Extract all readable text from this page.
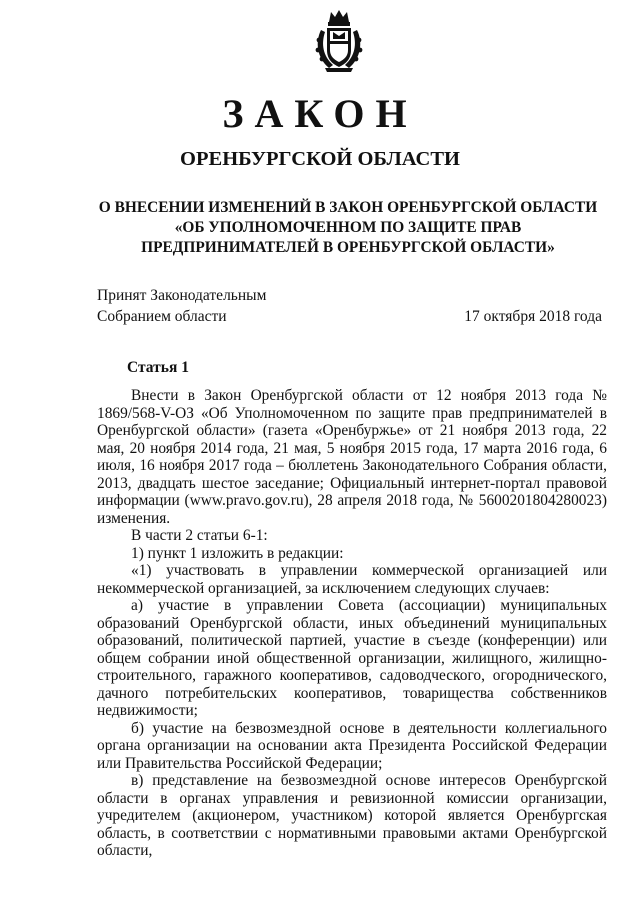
ЗАКОН
ОРЕНБУРГСКОЙ ОБЛАСТИ
О ВНЕСЕНИИ ИЗМЕНЕНИЙ В ЗАКОН ОРЕНБУРГСКОЙ ОБЛАСТИ
«ОБ УПОЛНОМОЧЕННОМ ПО ЗАЩИТЕ ПРАВ
ПРЕДПРИНИМАТЕЛЕЙ В ОРЕНБУРГСКОЙ ОБЛАСТИ»
Принят Законодательным
Собранием области	17 октября 2018 года
Статья 1

Внести в Закон Оренбургской области от 12 ноября 2013 года № 1869/568-V-ОЗ «Об Уполномоченном по защите прав предпринимателей в Оренбургской области» (газета «Оренбуржье» от 21 ноября 2013 года, 22 мая, 20 ноября 2014 года, 21 мая, 5 ноября 2015 года, 17 марта 2016 года, 6 июля, 16 ноября 2017 года – бюллетень Законодательного Собрания области, 2013, двадцать шестое заседание; Официальный интернет-портал правовой информации (www.pravo.gov.ru), 28 апреля 2018 года, № 5600201804280023) изменения.

В части 2 статьи 6-1:

1) пункт 1 изложить в редакции:

«1) участвовать в управлении коммерческой организацией или некоммерческой организацией, за исключением следующих случаев:

а) участие в управлении Совета (ассоциации) муниципальных образований Оренбургской области, иных объединений муниципальных образований, политической партией, участие в съезде (конференции) или общем собрании иной общественной организации, жилищного, жилищно-строительного, гаражного кооперативов, садоводческого, огороднического, дачного потребительских кооперативов, товарищества собственников недвижимости;

б) участие на безвозмездной основе в деятельности коллегиального органа организации на основании акта Президента Российской Федерации или Правительства Российской Федерации;

в) представление на безвозмездной основе интересов Оренбургской области в органах управления и ревизионной комиссии организации, учредителем (акционером, участником) которой является Оренбургская область, в соответствии с нормативными правовыми актами Оренбургской области,
